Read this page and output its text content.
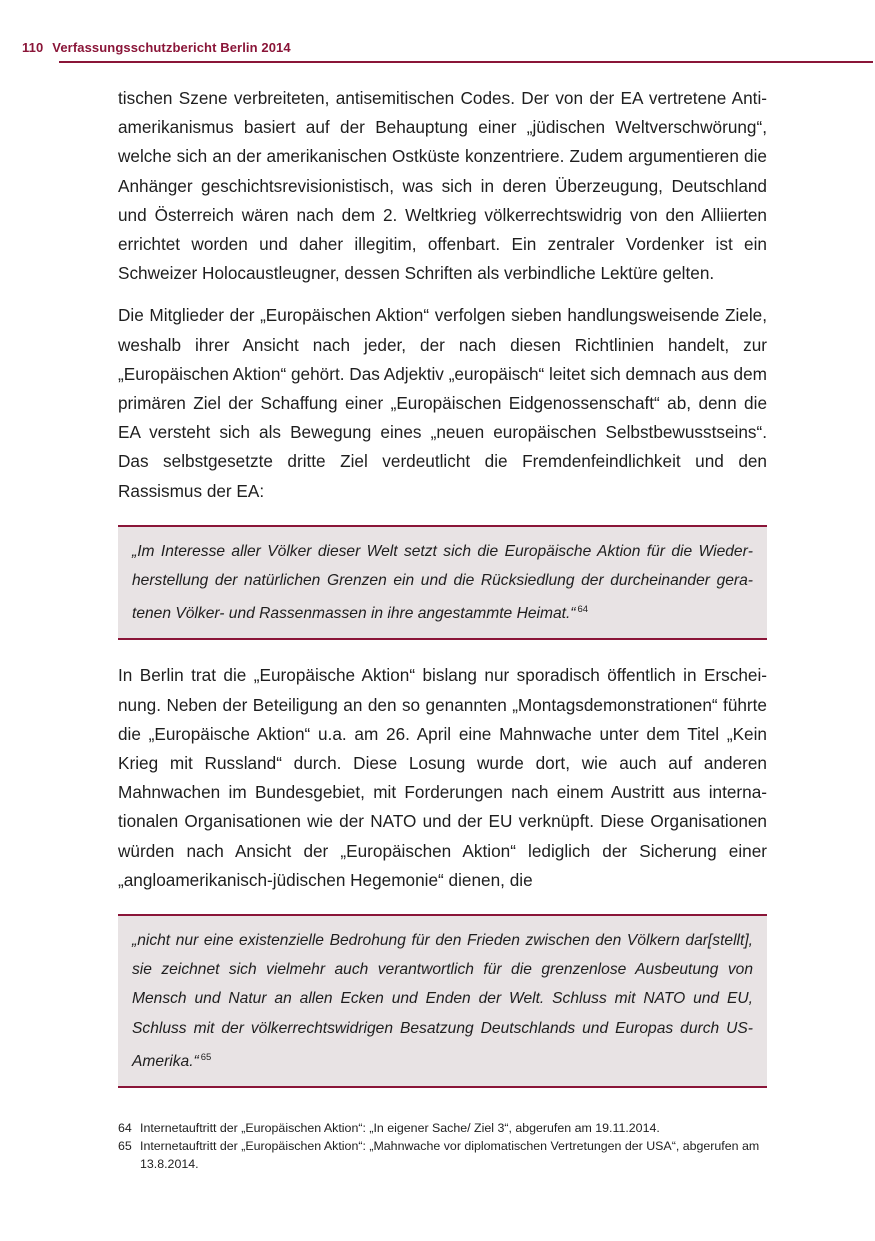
110 Verfassungsschutzbericht Berlin 2014

tischen Szene verbreiteten, antisemitischen Codes. Der von der EA vertretene Antiamerikanismus basiert auf der Behauptung einer „jüdischen Weltverschwörung“, welche sich an der amerikanischen Ostküste konzentriere. Zudem argumentieren die Anhänger geschichtsrevisionistisch, was sich in deren Überzeugung, Deutschland und Österreich wären nach dem 2. Weltkrieg völkerrechtswidrig von den Alliierten errichtet worden und daher illegitim, offenbart. Ein zentraler Vordenker ist ein Schweizer Holocaustleugner, dessen Schriften als verbindliche Lektüre gelten.

Die Mitglieder der „Europäischen Aktion“ verfolgen sieben handlungsweisende Ziele, weshalb ihrer Ansicht nach jeder, der nach diesen Richtlinien handelt, zur „Europäischen Aktion“ gehört. Das Adjektiv „europäisch“ leitet sich demnach aus dem primären Ziel der Schaffung einer „Europäischen Eidgenossenschaft“ ab, denn die EA versteht sich als Bewegung eines „neuen europäischen Selbstbewusstseins“. Das selbstgesetzte dritte Ziel verdeutlicht die Fremdenfeindlichkeit und den Rassismus der EA:

„Im Interesse aller Völker dieser Welt setzt sich die Europäische Aktion für die Wiederherstellung der natürlichen Grenzen ein und die Rücksiedlung der durcheinander geratenen Völker- und Rassenmassen in ihre angestammte Heimat.“ $^{64}$

In Berlin trat die „Europäische Aktion“ bislang nur sporadisch öffentlich in Erscheinung. Neben der Beteiligung an den so genannten „Montagsdemonstrationen“ führte die „Europäische Aktion“ u.a. am 26. April eine Mahnwache unter dem Titel „Kein Krieg mit Russland“ durch. Diese Losung wurde dort, wie auch auf anderen Mahnwachen im Bundesgebiet, mit Forderungen nach einem Austritt aus internationalen Organisationen wie der NATO und der EU verknüpft. Diese Organisationen würden nach Ansicht der „Europäischen Aktion“ lediglich der Sicherung einer „angloamerikanisch-jüdischen Hegemonie“ dienen, die

„nicht nur eine existenzielle Bedrohung für den Frieden zwischen den Völkern dar[stellt], sie zeichnet sich vielmehr auch verantwortlich für die grenzenlose Ausbeutung von Mensch und Natur an allen Ecken und Enden der Welt. Schluss mit NATO und EU, Schluss mit der völkerrechtswidrigen Besatzung Deutschlands und Europas durch US-Amerika.“ $^{65}$
64 Internetauftritt der „Europäischen Aktion“: „In eigener Sache/ Ziel 3“, abgerufen am 19.11.2014.
65 Internetauftritt der „Europäischen Aktion“: „Mahnwache vor diplomatischen Vertretungen der USA“, abgerufen am 13.8.2014.
